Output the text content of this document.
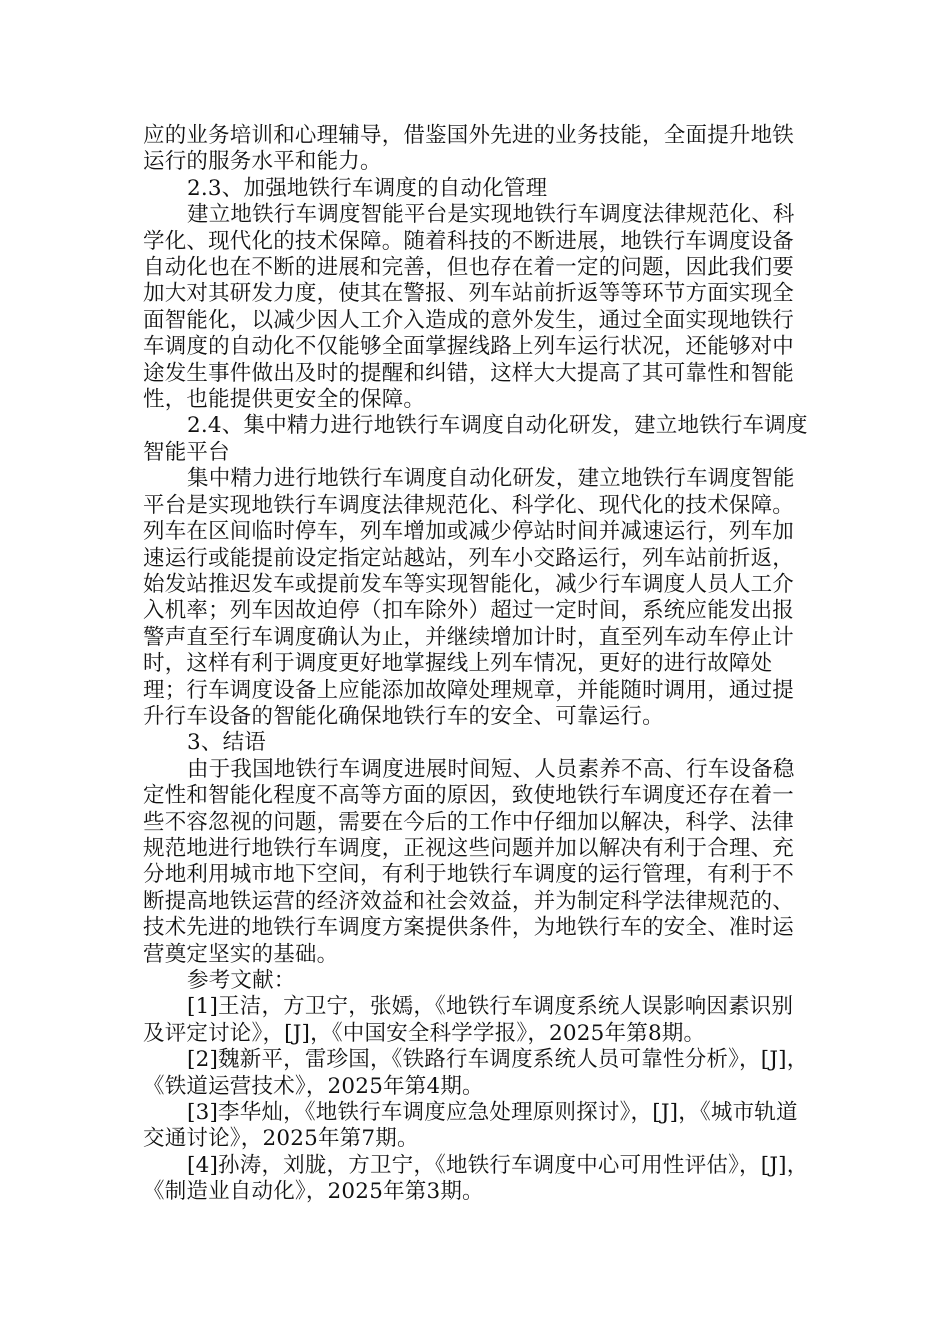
应的业务培训和心理辅导，借鉴国外先进的业务技能，全面提升地铁运行的服务水平和能力。

2.3、加强地铁行车调度的自动化管理

建立地铁行车调度智能平台是实现地铁行车调度法律规范化、科学化、现代化的技术保障。随着科技的不断进展，地铁行车调度设备自动化也在不断的进展和完善，但也存在着一定的问题，因此我们要加大对其研发力度，使其在警报、列车站前折返等等环节方面实现全面智能化，以减少因人工介入造成的意外发生，通过全面实现地铁行车调度的自动化不仅能够全面掌握线路上列车运行状况，还能够对中途发生事件做出及时的提醒和纠错，这样大大提高了其可靠性和智能性，也能提供更安全的保障。

2.4、集中精力进行地铁行车调度自动化研发，建立地铁行车调度智能平台

集中精力进行地铁行车调度自动化研发，建立地铁行车调度智能平台是实现地铁行车调度法律规范化、科学化、现代化的技术保障。列车在区间临时停车，列车增加或减少停站时间并减速运行，列车加速运行或能提前设定指定站越站，列车小交路运行，列车站前折返，始发站推迟发车或提前发车等实现智能化，减少行车调度人员人工介入机率；列车因故迫停（扣车除外）超过一定时间，系统应能发出报警声直至行车调度确认为止，并继续增加计时，直至列车动车停止计时，这样有利于调度更好地掌握线上列车情况，更好的进行故障处理；行车调度设备上应能添加故障处理规章，并能随时调用，通过提升行车设备的智能化确保地铁行车的安全、可靠运行。

3、结语

由于我国地铁行车调度进展时间短、人员素养不高、行车设备稳定性和智能化程度不高等方面的原因，致使地铁行车调度还存在着一些不容忽视的问题，需要在今后的工作中仔细加以解决，科学、法律规范地进行地铁行车调度，正视这些问题并加以解决有利于合理、充分地利用城市地下空间，有利于地铁行车调度的运行管理，有利于不断提高地铁运营的经济效益和社会效益，并为制定科学法律规范的、技术先进的地铁行车调度方案提供条件，为地铁行车的安全、准时运营奠定坚实的基础。

参考文献：

[1]王洁，方卫宁，张嫣，《地铁行车调度系统人误影响因素识别及评定讨论》，[J]，《中国安全科学学报》，2025年第8期。

[2]魏新平，雷珍国，《铁路行车调度系统人员可靠性分析》，[J]，《铁道运营技术》，2025年第4期。

[3]李华灿，《地铁行车调度应急处理原则探讨》，[J]，《城市轨道交通讨论》，2025年第7期。

[4]孙涛，刘胧，方卫宁，《地铁行车调度中心可用性评估》，[J]，《制造业自动化》，2025年第3期。
